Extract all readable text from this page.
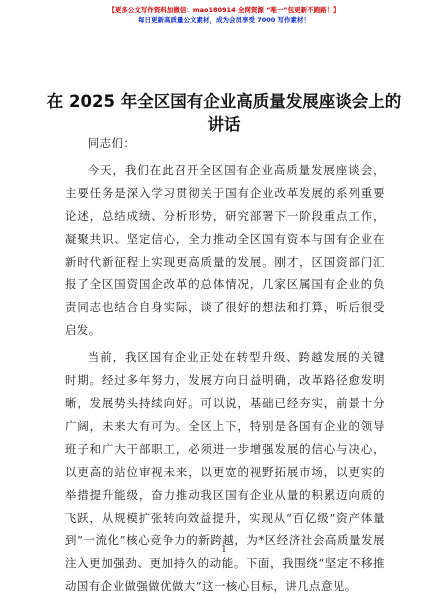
【更多公文写作资料加微信：mao180914 全网资源 “唯一”包更新不跑路！】
每日更新高质量公文素材，成为会员享受 7000 写作素材！
在 2025 年全区国有企业高质量发展座谈会上的讲话

同志们：

今天，我们在此召开全区国有企业高质量发展座谈会，主要任务是深入学习贯彻关于国有企业改革发展的系列重要论述，总结成绩、分析形势，研究部署下一阶段重点工作，凝聚共识、坚定信心，全力推动全区国有资本与国有企业在新时代新征程上实现更高质量的发展。刚才，区国资部门汇报了全区国资国企改革的总体情况，几家区属国有企业的负责同志也结合自身实际，谈了很好的想法和打算，听后很受启发。

当前，我区国有企业正处在转型升级、跨越发展的关键时期。经过多年努力，发展方向日益明确，改革路径愈发明晰，发展势头持续向好。可以说，基础已经夯实，前景十分广阔，未来大有可为。全区上下，特别是各国有企业的领导班子和广大干部职工，必须进一步增强发展的信心与决心，以更高的站位审视未来，以更宽的视野拓展市场，以更实的举措提升能级，奋力推动我区国有企业从量的积累迈向质的飞跃，从规模扩张转向效益提升，实现从“百亿级”资产体量到“一流化”核心竞争力的新跨越，为*区经济社会高质量发展注入更加强劲、更加持久的动能。下面，我围绕“坚定不移推动国有企业做强做优做大”这一核心目标，讲几点意见。

1
